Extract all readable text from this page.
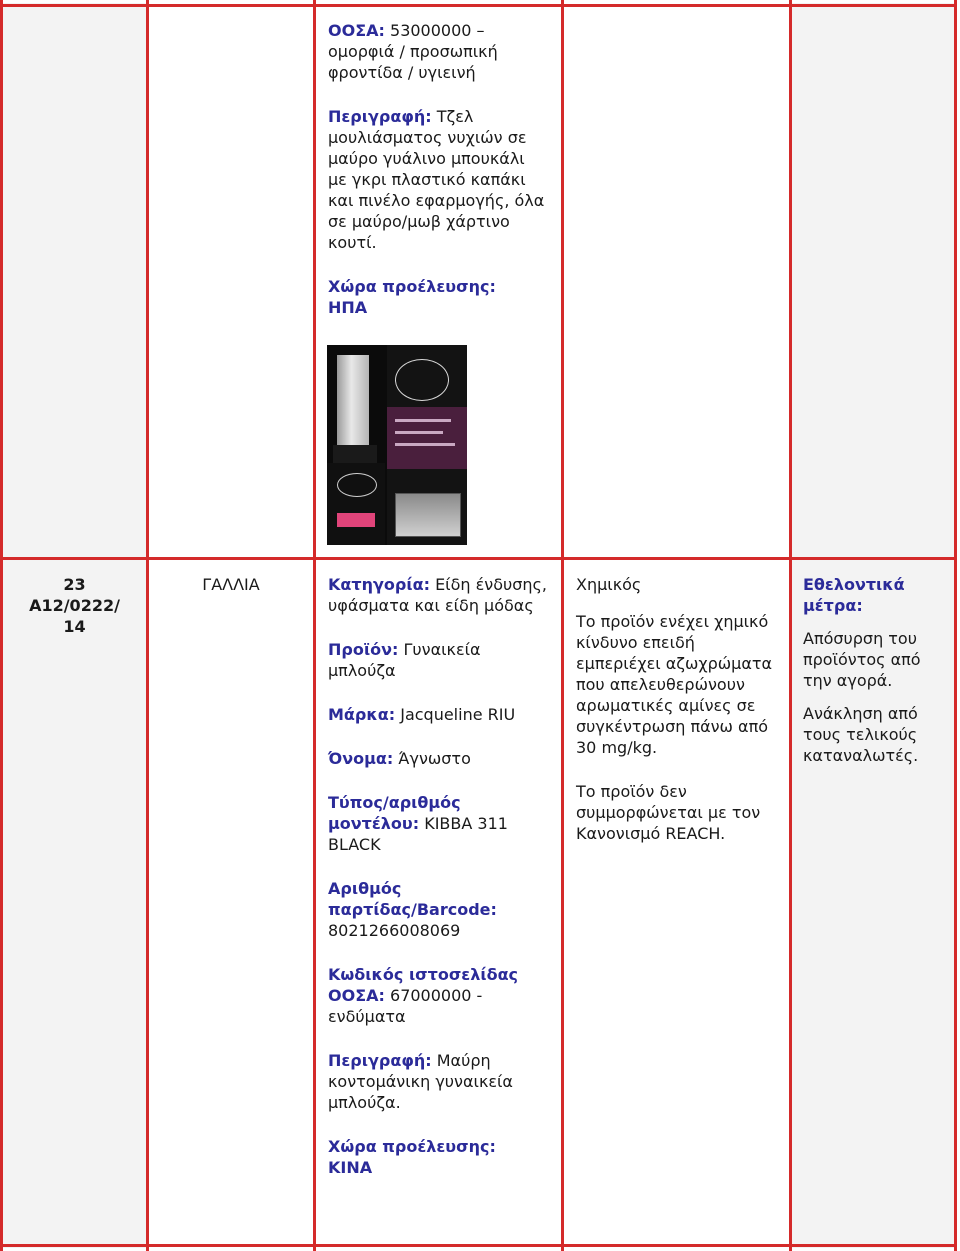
ΟΟΣΑ: 53000000 – ομορφιά / προσωπική φροντίδα / υγιεινή

Περιγραφή: Τζελ μουλιάσματος νυχιών σε μαύρο γυάλινο μπουκάλι με γκρι πλαστικό καπάκι και πινέλο εφαρμογής, όλα σε μαύρο/μωβ χάρτινο κουτί.

Χώρα προέλευσης:
ΗΠΑ

23
A12/0222/ 14
ΓΑΛΛΙΑ	Κατηγορία: Είδη ένδυσης, υφάσματα και είδη μόδας

Προϊόν: Γυναικεία μπλούζα

Μάρκα: Jacqueline RIU

Όνομα: Άγνωστο

Τύπος/αριθμός μοντέλου: KIBBA 311 BLACK

Αριθμός παρτίδας/Barcode: 8021266008069

Κωδικός ιστοσελίδας ΟΟΣΑ: 67000000 - ενδύματα

Περιγραφή: Μαύρη κοντομάνικη γυναικεία μπλούζα.

Χώρα προέλευσης:
ΚΙΝΑ

Χημικός

Το προϊόν ενέχει χημικό κίνδυνο επειδή εμπεριέχει αζωχρώματα που απελευθερώνουν αρωματικές αμίνες σε συγκέντρωση πάνω από 30 mg/kg.

Το προϊόν δεν συμμορφώνεται με τον Κανονισμό REACH.

Εθελοντικά μέτρα:

Απόσυρση του προϊόντος από την αγορά.

Ανάκληση από τους τελικούς καταναλωτές.
